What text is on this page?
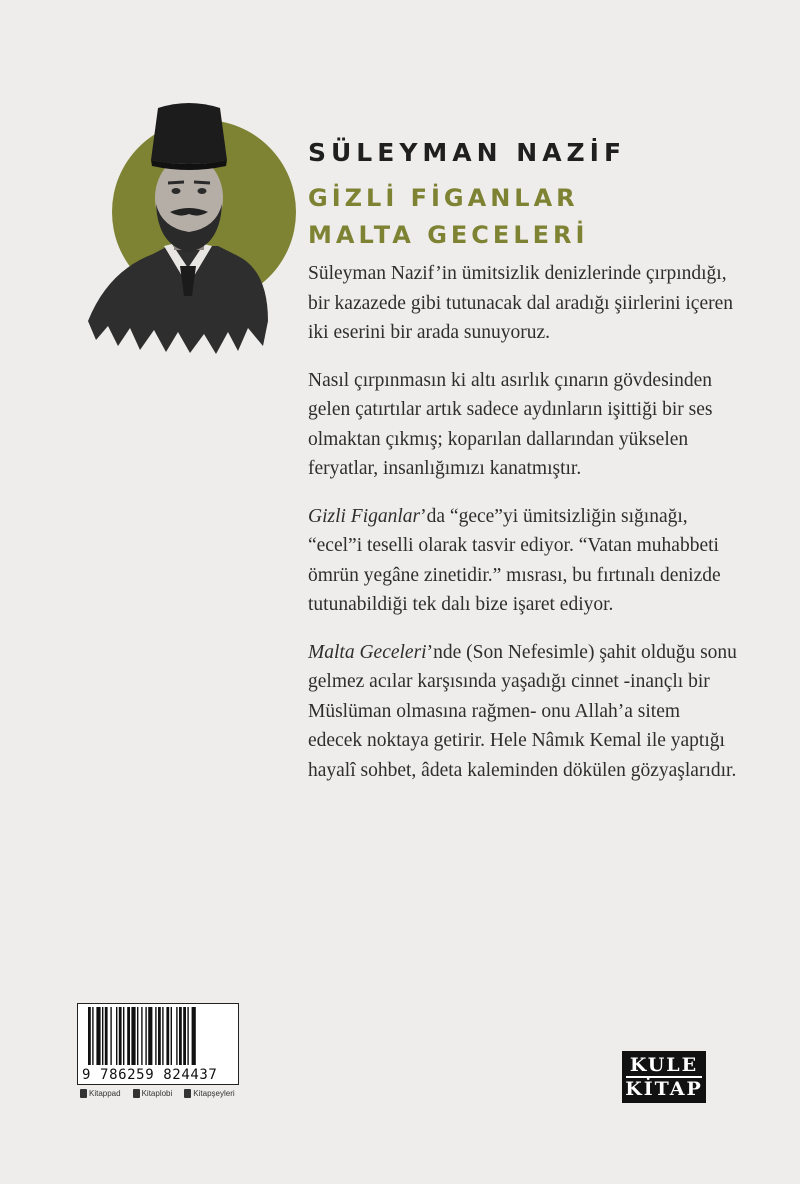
SÜLEYMAN NAZİF
GİZLİ FİGANLAR
MALTA GECELERİ

Süleyman Nazif’in ümitsizlik denizlerinde çırpındığı, bir kazazede gibi tutunacak dal aradığı şiirlerini içeren iki eserini bir arada sunuyoruz.

Nasıl çırpınmasın ki altı asırlık çınarın gövdesinden gelen çatırtılar artık sadece aydınların işittiği bir ses olmaktan çıkmış; koparılan dallarından yükselen feryatlar, insanlığımızı kanatmıştır.

Gizli Figanlar’da “gece”yi ümitsizliğin sığınağı, “ecel”i teselli olarak tasvir ediyor. “Vatan muhabbeti ömrün yegâne zinetidir.” mısrası, bu fırtınalı denizde tutunabildiği tek dalı bize işaret ediyor.

Malta Geceleri’nde (Son Nefesimle) şahit olduğu sonu gelmez acılar karşısında yaşadığı cinnet -inançlı bir Müslüman olmasına rağmen- onu Allah’a sitem edecek noktaya getirir. Hele Nâmık Kemal ile yaptığı hayalî sohbet, âdeta kaleminden dökülen gözyaşlarıdır.

9 786259 824437
Kitappad	Kitaplobi	Kitapşeyleri
KULE
KİTAP
